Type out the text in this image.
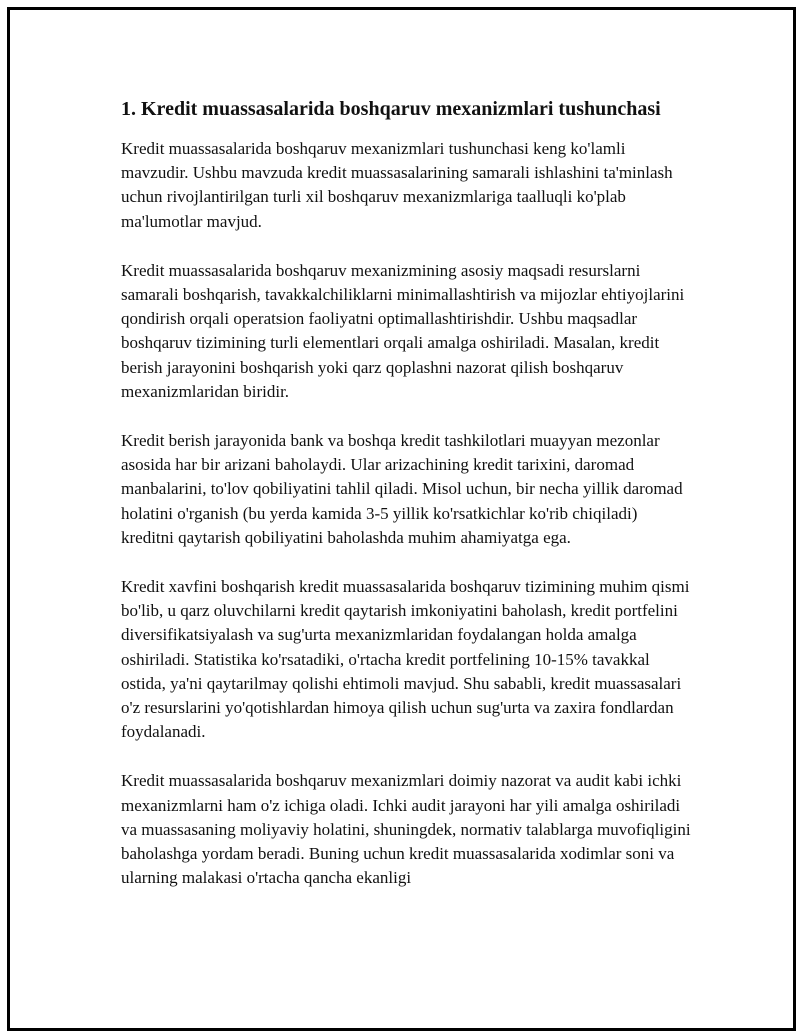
1. Kredit muassasalarida boshqaruv mexanizmlari tushunchasi

Kredit muassasalarida boshqaruv mexanizmlari tushunchasi keng ko'lamli mavzudir. Ushbu mavzuda kredit muassasalarining samarali ishlashini ta'minlash uchun rivojlantirilgan turli xil boshqaruv mexanizmlariga taalluqli ko'plab ma'lumotlar mavjud.

Kredit muassasalarida boshqaruv mexanizmining asosiy maqsadi resurslarni samarali boshqarish, tavakkalchiliklarni minimallashtirish va mijozlar ehtiyojlarini qondirish orqali operatsion faoliyatni optimallashtirishdir. Ushbu maqsadlar boshqaruv tizimining turli elementlari orqali amalga oshiriladi. Masalan, kredit berish jarayonini boshqarish yoki qarz qoplashni nazorat qilish boshqaruv mexanizmlaridan biridir.

Kredit berish jarayonida bank va boshqa kredit tashkilotlari muayyan mezonlar asosida har bir arizani baholaydi. Ular arizachining kredit tarixini, daromad manbalarini, to'lov qobiliyatini tahlil qiladi. Misol uchun, bir necha yillik daromad holatini o'rganish (bu yerda kamida 3-5 yillik ko'rsatkichlar ko'rib chiqiladi) kreditni qaytarish qobiliyatini baholashda muhim ahamiyatga ega.

Kredit xavfini boshqarish kredit muassasalarida boshqaruv tizimining muhim qismi bo'lib, u qarz oluvchilarni kredit qaytarish imkoniyatini baholash, kredit portfelini diversifikatsiyalash va sug'urta mexanizmlaridan foydalangan holda amalga oshiriladi. Statistika ko'rsatadiki, o'rtacha kredit portfelining 10-15% tavakkal ostida, ya'ni qaytarilmay qolishi ehtimoli mavjud. Shu sababli, kredit muassasalari o'z resurslarini yo'qotishlardan himoya qilish uchun sug'urta va zaxira fondlardan foydalanadi.

Kredit muassasalarida boshqaruv mexanizmlari doimiy nazorat va audit kabi ichki mexanizmlarni ham o'z ichiga oladi. Ichki audit jarayoni har yili amalga oshiriladi va muassasaning moliyaviy holatini, shuningdek, normativ talablarga muvofiqligini baholashga yordam beradi. Buning uchun kredit muassasalarida xodimlar soni va ularning malakasi o'rtacha qancha ekanligi
